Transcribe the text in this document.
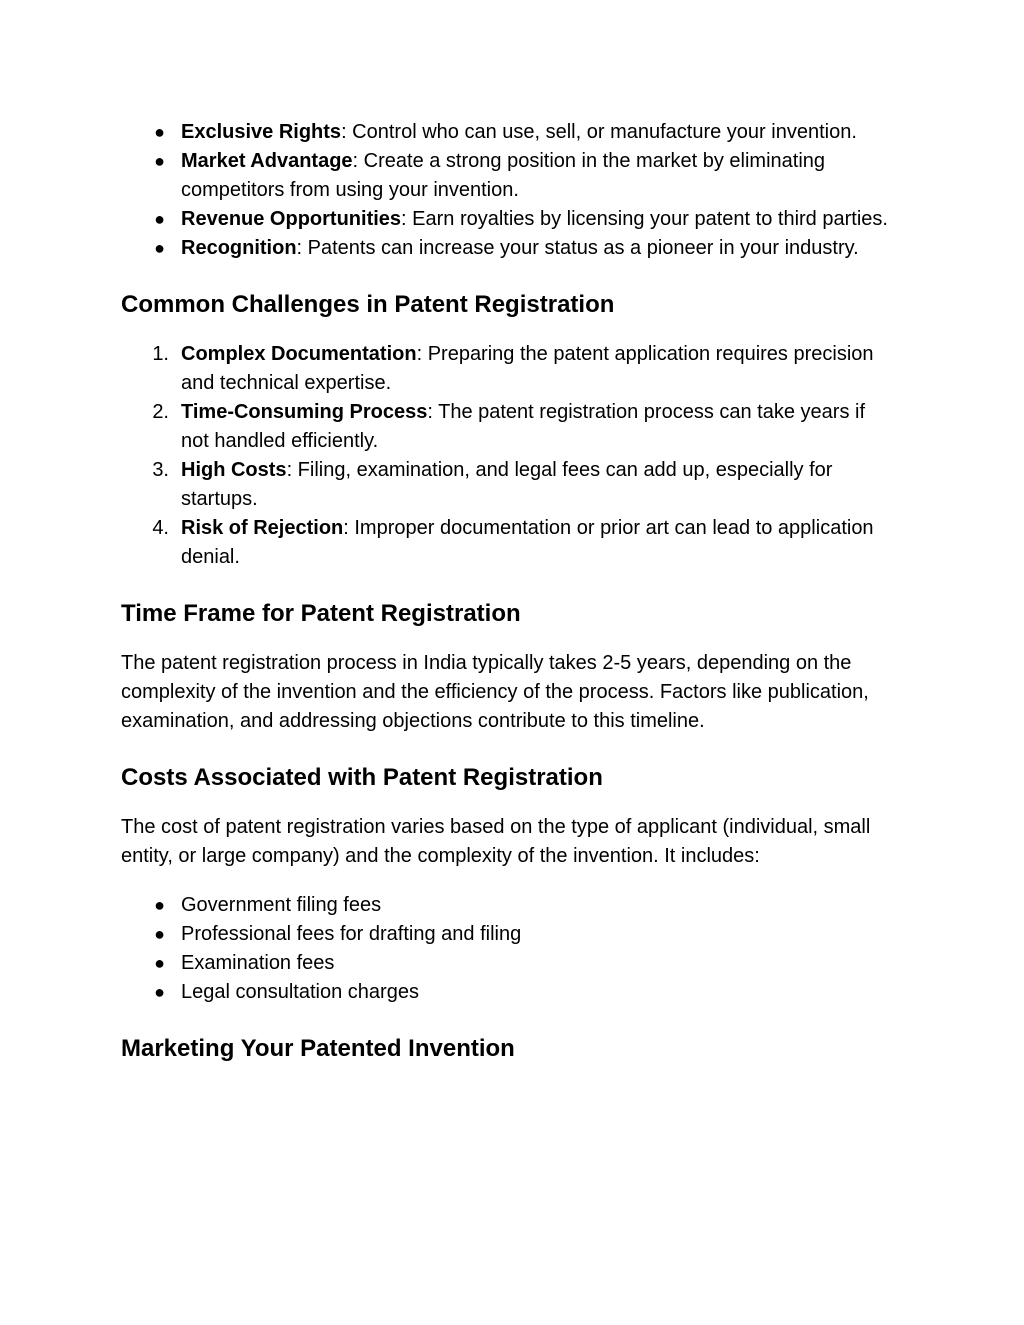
● Exclusive Rights: Control who can use, sell, or manufacture your invention.
● Market Advantage: Create a strong position in the market by eliminating competitors from using your invention.
● Revenue Opportunities: Earn royalties by licensing your patent to third parties.
● Recognition: Patents can increase your status as a pioneer in your industry.
Common Challenges in Patent Registration
1. Complex Documentation: Preparing the patent application requires precision and technical expertise.
2. Time-Consuming Process: The patent registration process can take years if not handled efficiently.
3. High Costs: Filing, examination, and legal fees can add up, especially for startups.
4. Risk of Rejection: Improper documentation or prior art can lead to application denial.
Time Frame for Patent Registration

The patent registration process in India typically takes 2-5 years, depending on the complexity of the invention and the efficiency of the process. Factors like publication, examination, and addressing objections contribute to this timeline.

Costs Associated with Patent Registration

The cost of patent registration varies based on the type of applicant (individual, small entity, or large company) and the complexity of the invention. It includes:

● Government filing fees
● Professional fees for drafting and filing
● Examination fees
● Legal consultation charges
Marketing Your Patented Invention
